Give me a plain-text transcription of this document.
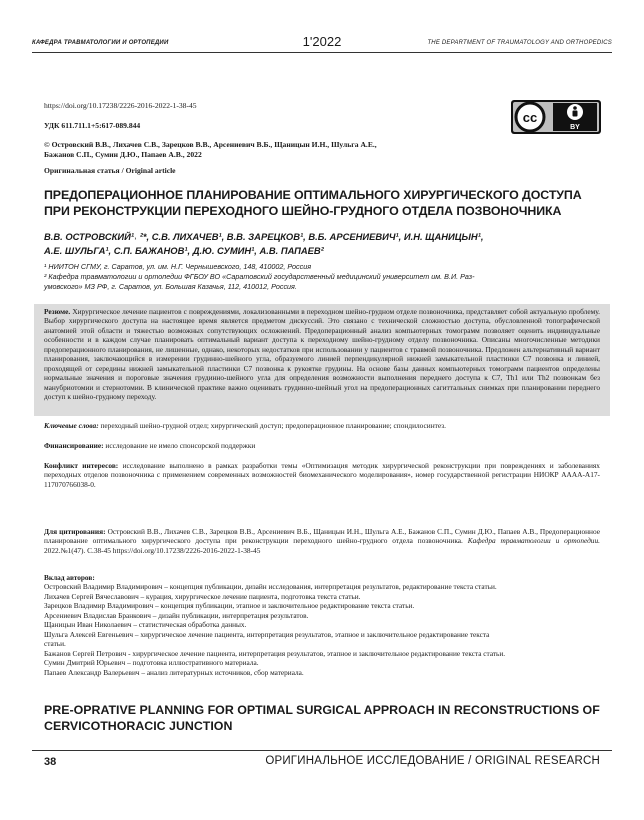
КАФЕДРА ТРАВМАТОЛОГИИ И ОРТОПЕДИИ	1'2022	THE DEPARTMENT OF TRAUMATOLOGY AND ORTHOPEDICS
https://doi.org/10.17238/2226-2016-2022-1-38-45
УДК 611.711.1+5:617-089.844
© Островский В.В., Лихачев С.В., Зарецков В.В., Арсениевич В.Б., Щаницын И.Н., Шульга А.Е.,
Бажанов С.П., Сумин Д.Ю., Папаев А.В., 2022
Оригинальная статья / Original article
cc
BY
ПРЕДОПЕРАЦИОННОЕ ПЛАНИРОВАНИЕ ОПТИМАЛЬНОГО ХИРУРГИЧЕСКОГО ДОСТУПА
ПРИ РЕКОНСТРУКЦИИ ПЕРЕХОДНОГО ШЕЙНО-ГРУДНОГО ОТДЕЛА ПОЗВОНОЧНИКА
В.В. ОСТРОВСКИЙ¹˒ ²*, С.В. ЛИХАЧЕВ¹, В.В. ЗАРЕЦКОВ¹, В.Б. АРСЕНИЕВИЧ¹, И.Н. ЩАНИЦЫН¹,
А.Е. ШУЛЬГА¹, С.П. БАЖАНОВ¹, Д.Ю. СУМИН¹, А.В. ПАПАЕВ²
¹ НИИТОН СГМУ, г. Саратов, ул. им. Н.Г. Чернышевского, 148, 410002, Россия
² Кафедра травматологии и ортопедии ФГБОУ ВО «Саратовский государственный медицинский университет им. В.И. Раз-
умовского» МЗ РФ, г. Саратов, ул. Большая Казачья, 112, 410012, Россия.
Резюме. Хирургическое лечение пациентов с повреждениями, локализованными в переходном шейно-грудном отделе позвоночника, представляет собой актуальную проблему. Выбор хирургического доступа на настоящее время является предметом дискуссий. Это связано с технической сложностью доступа, обусловленной топографической анатомией этой области и тяжестью возможных сопутствующих осложнений. Предоперационный анализ компьютерных томограмм позволяет оценить индивидуальные особенности и в каждом случае планировать оптимальный вариант доступа к переходному шейно-грудному отделу позвоночника. Описаны многочисленные методики предоперационного планирования, не лишенные, однако, некоторых недостатков при использовании у пациентов с травмой позвоночника. Предложен альтернативный вариант планирования, заключающийся в измерении грудинно-шейного угла, образуемого линией перпендикулярной нижней замыкательной пластинки С7 позвонка и линией, проходящей от середины нижней замыкательной пластинки С7 позвонка к рукоятке грудины. На основе базы данных компьютерных томограмм пациентов определены нормальные значения и пороговые значения грудинно-шейного угла для определения возможности выполнения переднего доступа к С7, Th1 или Th2 позвонкам без манубриотомии и стернотомии. В клинической практике важно оценивать грудинно-шейный угол на предоперационных сагиттальных снимках при планировании переднего доступ к шейно-грудному переходу.
Ключевые слова: переходный шейно-грудной отдел; хирургический доступ; предоперационное планирование; спондилосинтез.
Финансирование: исследование не имело спонсорской поддержки
Конфликт интересов: исследование выполнено в рамках разработки темы «Оптимизация методик хирургической реконструкции при повреждениях и заболеваниях переходных отделов позвоночника с применением современных возможностей биомеханического моделирования», номер государственной регистрации НИОКР АААА-А17-117070766038-0.
Для цитирования: Островский В.В., Лихачев С.В., Зарецков В.В., Арсениевич В.Б., Щаницын И.Н., Шульга А.Е., Бажанов С.П., Сумин Д.Ю., Папаев А.В., Предоперационное планирование оптимального хирургического доступа при реконструкции переходного шейно-грудного отдела позвоночника. Кафедра травматологии и ортопедии. 2022.№1(47). С.38-45 https://doi.org/10.17238/2226-2016-2022-1-38-45
Вклад авторов:
Островский Владимир Владимирович – концепция публикации, дизайн исследования, интерпретация результатов, редактирование текста статьи.
Лихачев Сергей Вячеславович – курация, хирургическое лечение пациента, подготовка текста статьи.
Зарецков Владимир Владимирович – концепция публикации, этапное и заключительное редактирование текста статьи.
Арсениевич Владислав Бранкович – дизайн публикации, интерпретация результатов.
Щаницын Иван Николаевич – статистическая обработка данных.
Шульга Алексей Евгеньевич – хирургическое лечение пациента, интерпретация результатов, этапное и заключительное редактирование текста
статьи.
Бажанов Сергей Петрович - хирургическое лечение пациента, интерпретация результатов, этапное и заключительное редактирование текста статьи.
Сумин Дмитрий Юрьевич – подготовка иллюстративного материала.
Папаев Александр Валерьевич – анализ литературных источников, сбор материала.
PRE-OPRATIVE PLANNING FOR OPTIMAL SURGICAL APPROACH IN RECONSTRUCTIONS OF
CERVICOTHORACIC JUNCTION
38	ОРИГИНАЛЬНОЕ ИССЛЕДОВАНИЕ / ORIGINAL RESEARCH
